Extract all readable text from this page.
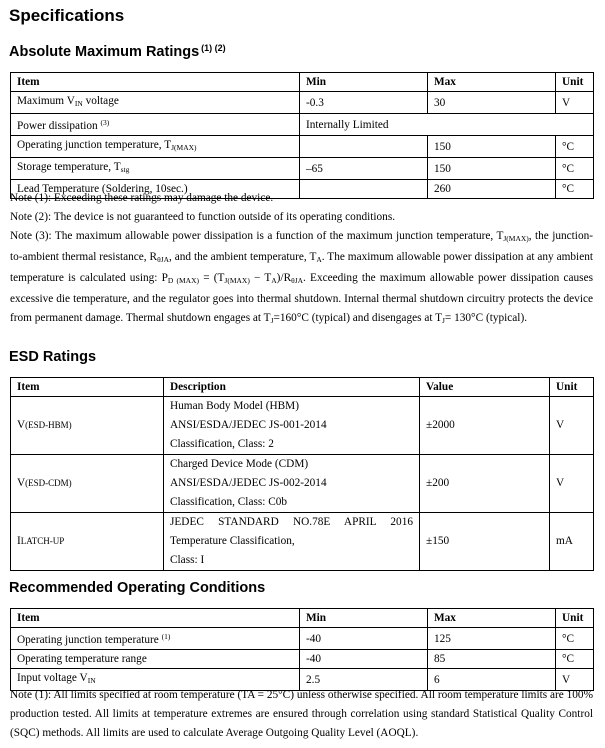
Specifications
Absolute Maximum Ratings $^{(1) (2)}$
Item	Min	Max	Unit
Maximum $V_{IN}$ voltage	-0.3	30	V
Power dissipation $^{(3)}$	Internally Limited		
Operating junction temperature, $T_{J(MAX)}$		150	°C
Storage temperature, $T_{stg}$	–65	150	°C
Lead Temperature (Soldering, 10sec.)		260	°C

Note (1): Exceeding these ratings may damage the device.

Note (2): The device is not guaranteed to function outside of its operating conditions.

Note (3): The maximum allowable power dissipation is a function of the maximum junction temperature, $T_{J(MAX)}$, the junction-to-ambient thermal resistance, $R_{\theta JA}$, and the ambient temperature, $T_A$. The maximum allowable power dissipation at any ambient temperature is calculated using: $P_{D (MAX)} = (T_{J(MAX)} - T_A)/R_{\theta JA}$. Exceeding the maximum allowable power dissipation causes excessive die temperature, and the regulator goes into thermal shutdown. Internal thermal shutdown circuitry protects the device from permanent damage. Thermal shutdown engages at $T_J=160^\circ C$ (typical) and disengages at $T_J= 130^\circ C$ (typical).

ESD Ratings
Item	Description	Value	Unit
V(ESD-HBM)	Human Body Model (HBM)
ANSI/ESDA/JEDEC JS-001-2014
Classification, Class: 2	±2000	V
V(ESD-CDM)	Charged Device Mode (CDM)
ANSI/ESDA/JEDEC JS-002-2014
Classification, Class: C0b	±200	V
ILATCH-UP	JEDEC STANDARD NO.78E APRIL 2016
Temperature Classification,
Class: I	±150	mA
Recommended Operating Conditions
Item	Min	Max	Unit
Operating junction temperature $^{(1)}$	-40	125	°C
Operating temperature range	-40	85	°C
Input voltage $V_{IN}$	2.5	6	V

Note (1): All limits specified at room temperature (TA = 25°C) unless otherwise specified. All room temperature limits are 100% production tested. All limits at temperature extremes are ensured through correlation using standard Statistical Quality Control (SQC) methods. All limits are used to calculate Average Outgoing Quality Level (AOQL).
